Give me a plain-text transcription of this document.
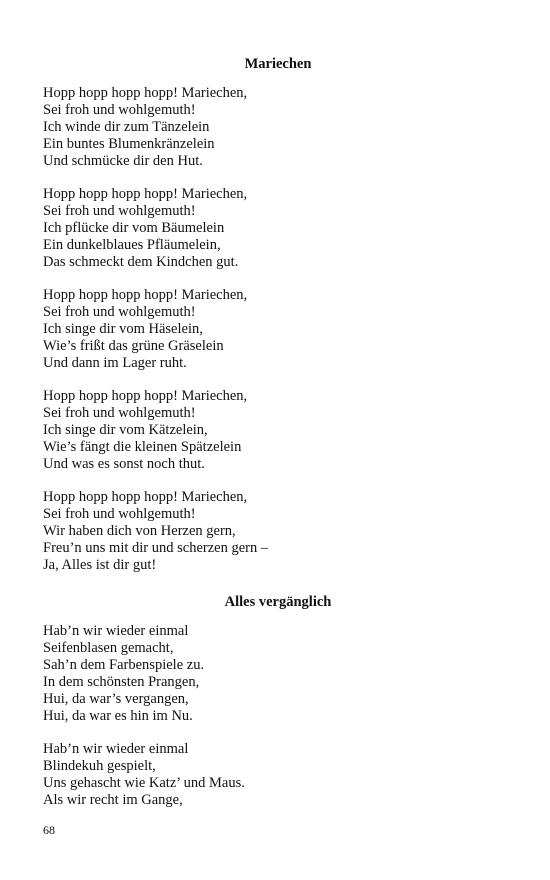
Mariechen

Hopp hopp hopp hopp! Mariechen,
Sei froh und wohlgemuth!
Ich winde dir zum Tänzelein
Ein buntes Blumenkränzelein
Und schmücke dir den Hut.

Hopp hopp hopp hopp! Mariechen,
Sei froh und wohlgemuth!
Ich pflücke dir vom Bäumelein
Ein dunkelblaues Pfläumelein,
Das schmeckt dem Kindchen gut.

Hopp hopp hopp hopp! Mariechen,
Sei froh und wohlgemuth!
Ich singe dir vom Häselein,
Wie’s frißt das grüne Gräselein
Und dann im Lager ruht.

Hopp hopp hopp hopp! Mariechen,
Sei froh und wohlgemuth!
Ich singe dir vom Kätzelein,
Wie’s fängt die kleinen Spätzelein
Und was es sonst noch thut.

Hopp hopp hopp hopp! Mariechen,
Sei froh und wohlgemuth!
Wir haben dich von Herzen gern,
Freu’n uns mit dir und scherzen gern –
Ja, Alles ist dir gut!

Alles vergänglich

Hab’n wir wieder einmal
Seifenblasen gemacht,
Sah’n dem Farbenspiele zu.
In dem schönsten Prangen,
Hui, da war’s vergangen,
Hui, da war es hin im Nu.

Hab’n wir wieder einmal
Blindekuh gespielt,
Uns gehascht wie Katz’ und Maus.
Als wir recht im Gange,

68
